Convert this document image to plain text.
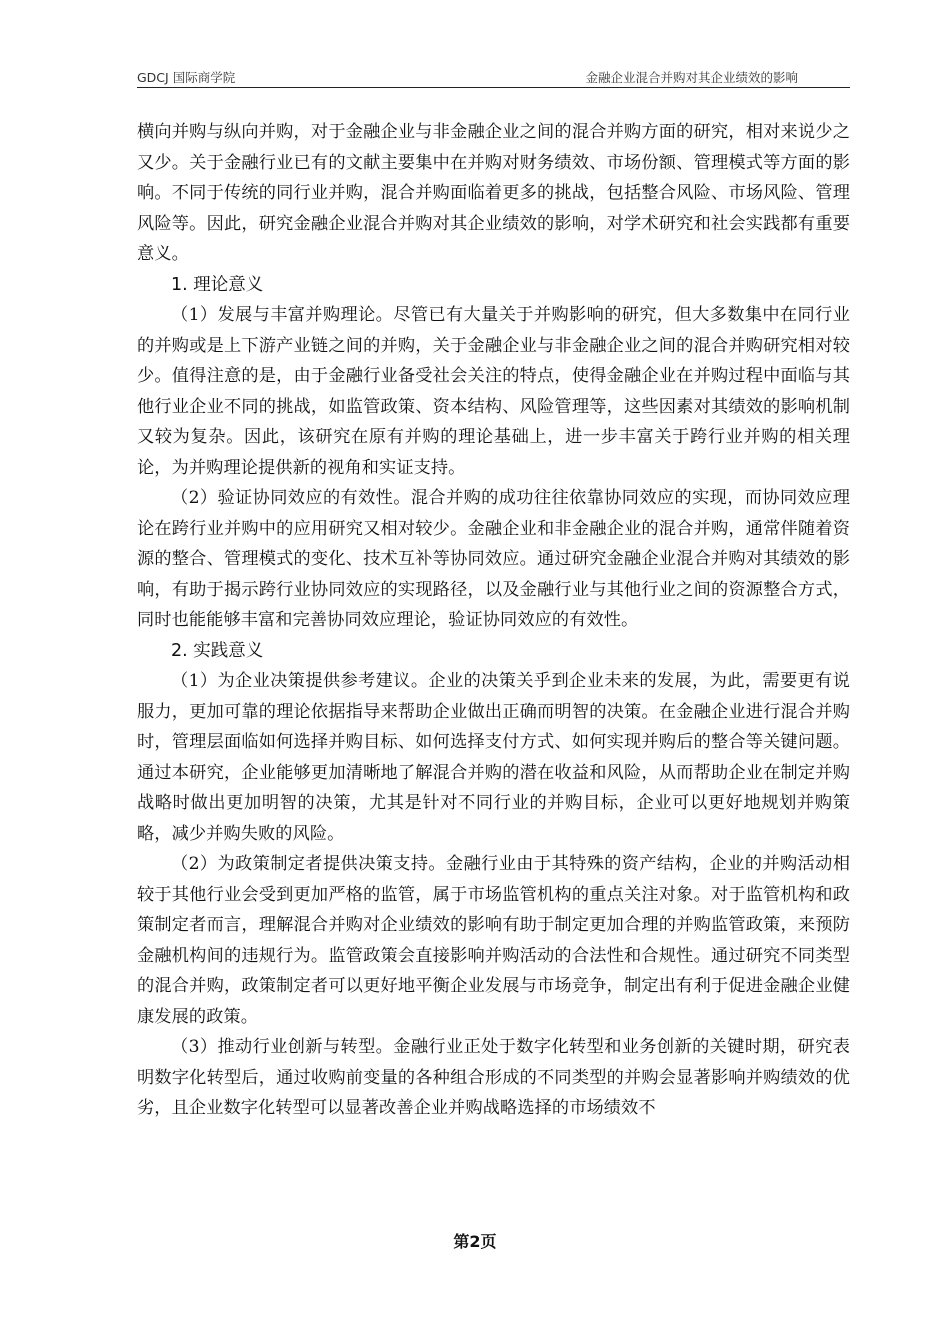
GDCJ 国际商学院	金融企业混合并购对其企业绩效的影响

横向并购与纵向并购，对于金融企业与非金融企业之间的混合并购方面的研究，相对来说少之又少。关于金融行业已有的文献主要集中在并购对财务绩效、市场份额、管理模式等方面的影响。不同于传统的同行业并购，混合并购面临着更多的挑战，包括整合风险、市场风险、管理风险等。因此，研究金融企业混合并购对其企业绩效的影响，对学术研究和社会实践都有重要意义。

1. 理论意义

（1）发展与丰富并购理论。尽管已有大量关于并购影响的研究，但大多数集中在同行业的并购或是上下游产业链之间的并购，关于金融企业与非金融企业之间的混合并购研究相对较少。值得注意的是，由于金融行业备受社会关注的特点，使得金融企业在并购过程中面临与其他行业企业不同的挑战，如监管政策、资本结构、风险管理等，这些因素对其绩效的影响机制又较为复杂。因此，该研究在原有并购的理论基础上，进一步丰富关于跨行业并购的相关理论，为并购理论提供新的视角和实证支持。

（2）验证协同效应的有效性。混合并购的成功往往依靠协同效应的实现，而协同效应理论在跨行业并购中的应用研究又相对较少。金融企业和非金融企业的混合并购，通常伴随着资源的整合、管理模式的变化、技术互补等协同效应。通过研究金融企业混合并购对其绩效的影响，有助于揭示跨行业协同效应的实现路径，以及金融行业与其他行业之间的资源整合方式，同时也能能够丰富和完善协同效应理论，验证协同效应的有效性。

2. 实践意义

（1）为企业决策提供参考建议。企业的决策关乎到企业未来的发展，为此，需要更有说服力，更加可靠的理论依据指导来帮助企业做出正确而明智的决策。在金融企业进行混合并购时，管理层面临如何选择并购目标、如何选择支付方式、如何实现并购后的整合等关键问题。通过本研究，企业能够更加清晰地了解混合并购的潜在收益和风险，从而帮助企业在制定并购战略时做出更加明智的决策，尤其是针对不同行业的并购目标，企业可以更好地规划并购策略，减少并购失败的风险。

（2）为政策制定者提供决策支持。金融行业由于其特殊的资产结构，企业的并购活动相较于其他行业会受到更加严格的监管，属于市场监管机构的重点关注对象。对于监管机构和政策制定者而言，理解混合并购对企业绩效的影响有助于制定更加合理的并购监管政策，来预防金融机构间的违规行为。监管政策会直接影响并购活动的合法性和合规性。通过研究不同类型的混合并购，政策制定者可以更好地平衡企业发展与市场竞争，制定出有利于促进金融企业健康发展的政策。

（3）推动行业创新与转型。金融行业正处于数字化转型和业务创新的关键时期，研究表明数字化转型后，通过收购前变量的各种组合形成的不同类型的并购会显著影响并购绩效的优劣，且企业数字化转型可以显著改善企业并购战略选择的市场绩效不

第2页
